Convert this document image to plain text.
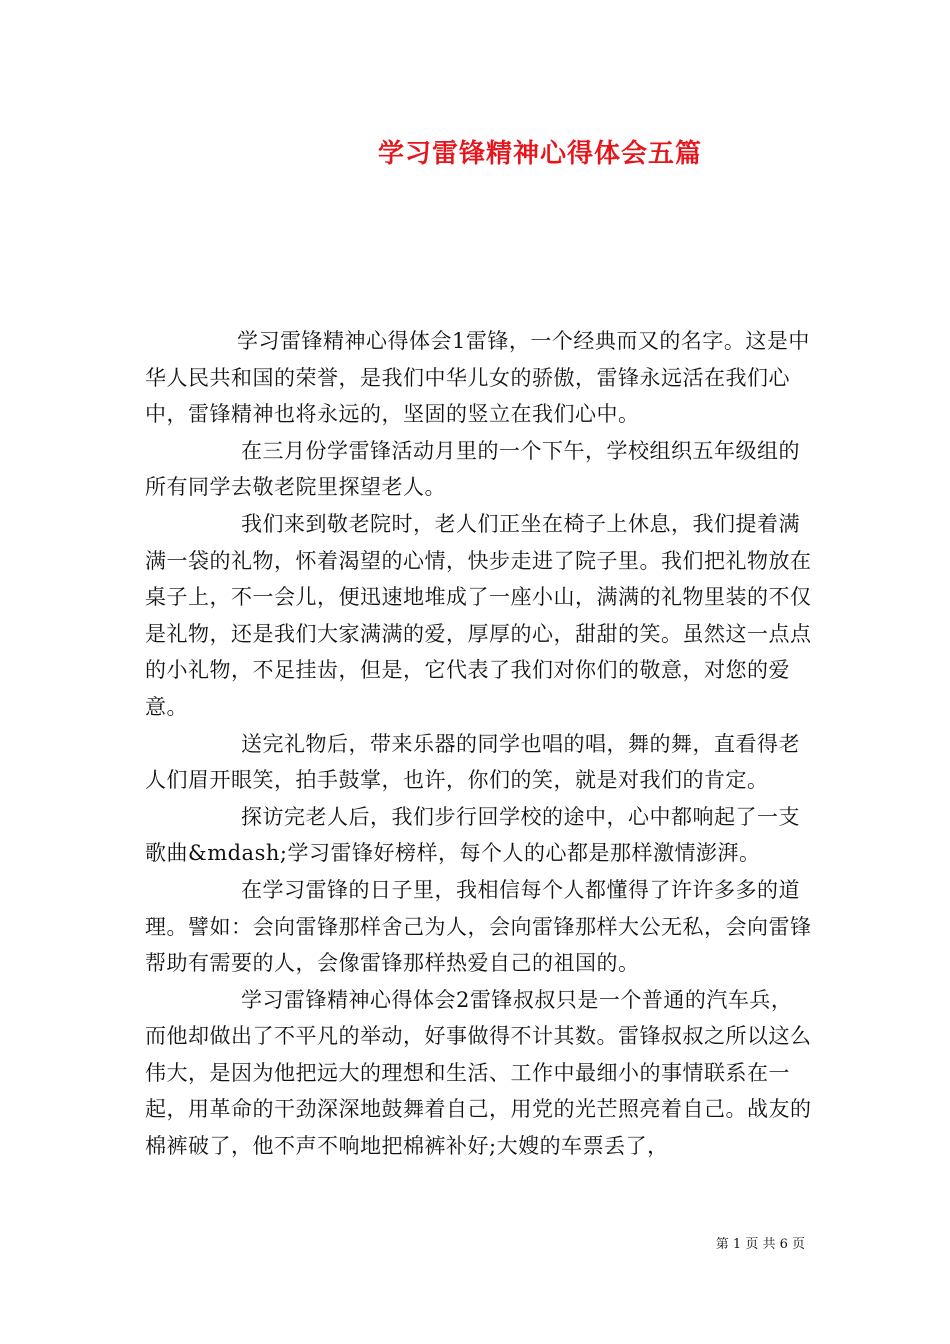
学习雷锋精神心得体会五篇

学习雷锋精神心得体会1雷锋，一个经典而又的名字。这是中华人民共和国的荣誉，是我们中华儿女的骄傲，雷锋永远活在我们心中，雷锋精神也将永远的，坚固的竖立在我们心中。

在三月份学雷锋活动月里的一个下午，学校组织五年级组的所有同学去敬老院里探望老人。

我们来到敬老院时，老人们正坐在椅子上休息，我们提着满满一袋的礼物，怀着渴望的心情，快步走进了院子里。我们把礼物放在桌子上，不一会儿，便迅速地堆成了一座小山，满满的礼物里装的不仅是礼物，还是我们大家满满的爱，厚厚的心，甜甜的笑。虽然这一点点的小礼物，不足挂齿，但是，它代表了我们对你们的敬意，对您的爱意。

送完礼物后，带来乐器的同学也唱的唱，舞的舞，直看得老人们眉开眼笑，拍手鼓掌，也许，你们的笑，就是对我们的肯定。

探访完老人后，我们步行回学校的途中，心中都响起了一支歌曲&mdash;学习雷锋好榜样，每个人的心都是那样激情澎湃。

在学习雷锋的日子里，我相信每个人都懂得了许许多多的道理。譬如：会向雷锋那样舍己为人，会向雷锋那样大公无私，会向雷锋帮助有需要的人，会像雷锋那样热爱自己的祖国的。

学习雷锋精神心得体会2雷锋叔叔只是一个普通的汽车兵，而他却做出了不平凡的举动，好事做得不计其数。雷锋叔叔之所以这么伟大，是因为他把远大的理想和生活、工作中最细小的事情联系在一起，用革命的干劲深深地鼓舞着自己，用党的光芒照亮着自己。战友的棉裤破了，他不声不响地把棉裤补好;大嫂的车票丢了，

第 1 页 共 6 页
